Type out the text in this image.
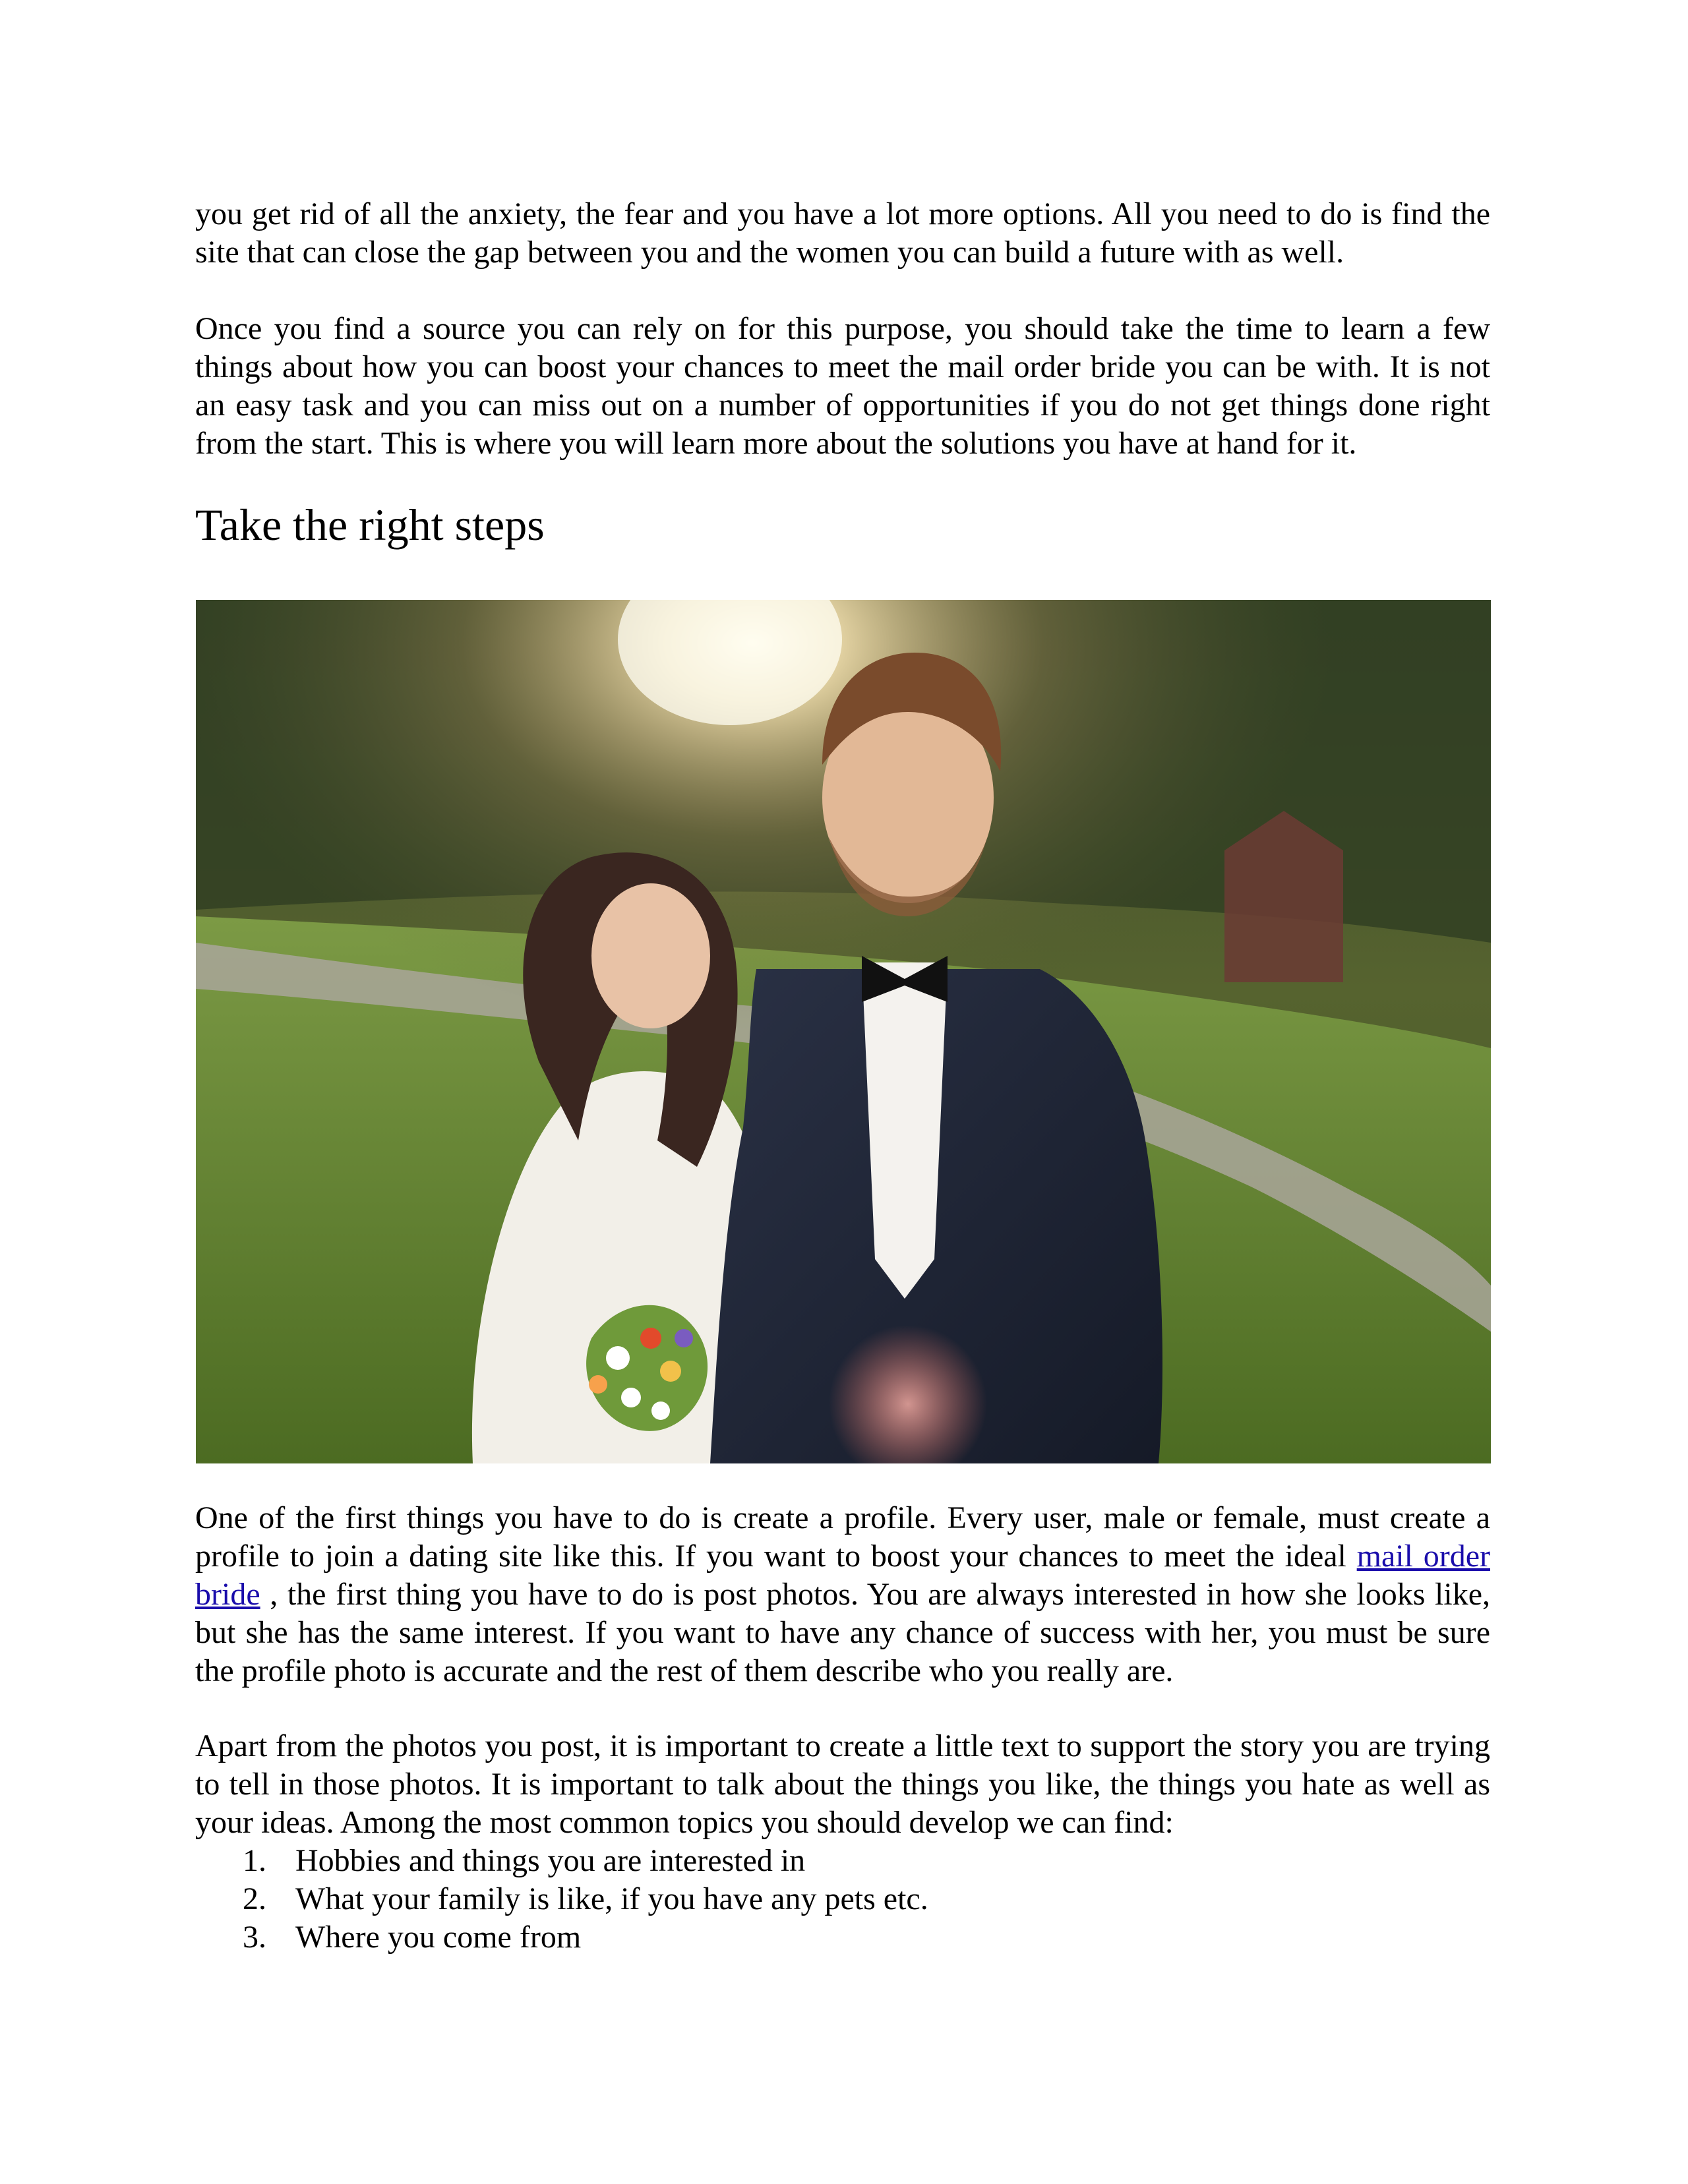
you get rid of all the anxiety, the fear and you have a lot more options. All you need to do is find the site that can close the gap between you and the women you can build a future with as well.

Once you find a source you can rely on for this purpose, you should take the time to learn a few things about how you can boost your chances to meet the mail order bride you can be with. It is not an easy task and you can miss out on a number of opportunities if you do not get things done right from the start. This is where you will learn more about the solutions you have at hand for it.

Take the right steps

One of the first things you have to do is create a profile. Every user, male or female, must create a profile to join a dating site like this. If you want to boost your chances to meet the ideal mail order bride , the first thing you have to do is post photos. You are always interested in how she looks like, but she has the same interest. If you want to have any chance of success with her, you must be sure the profile photo is accurate and the rest of them describe who you really are.

Apart from the photos you post, it is important to create a little text to support the story you are trying to tell in those photos. It is important to talk about the things you like, the things you hate as well as your ideas. Among the most common topics you should develop we can find:

1. Hobbies and things you are interested in
2. What your family is like, if you have any pets etc.
3. Where you come from
